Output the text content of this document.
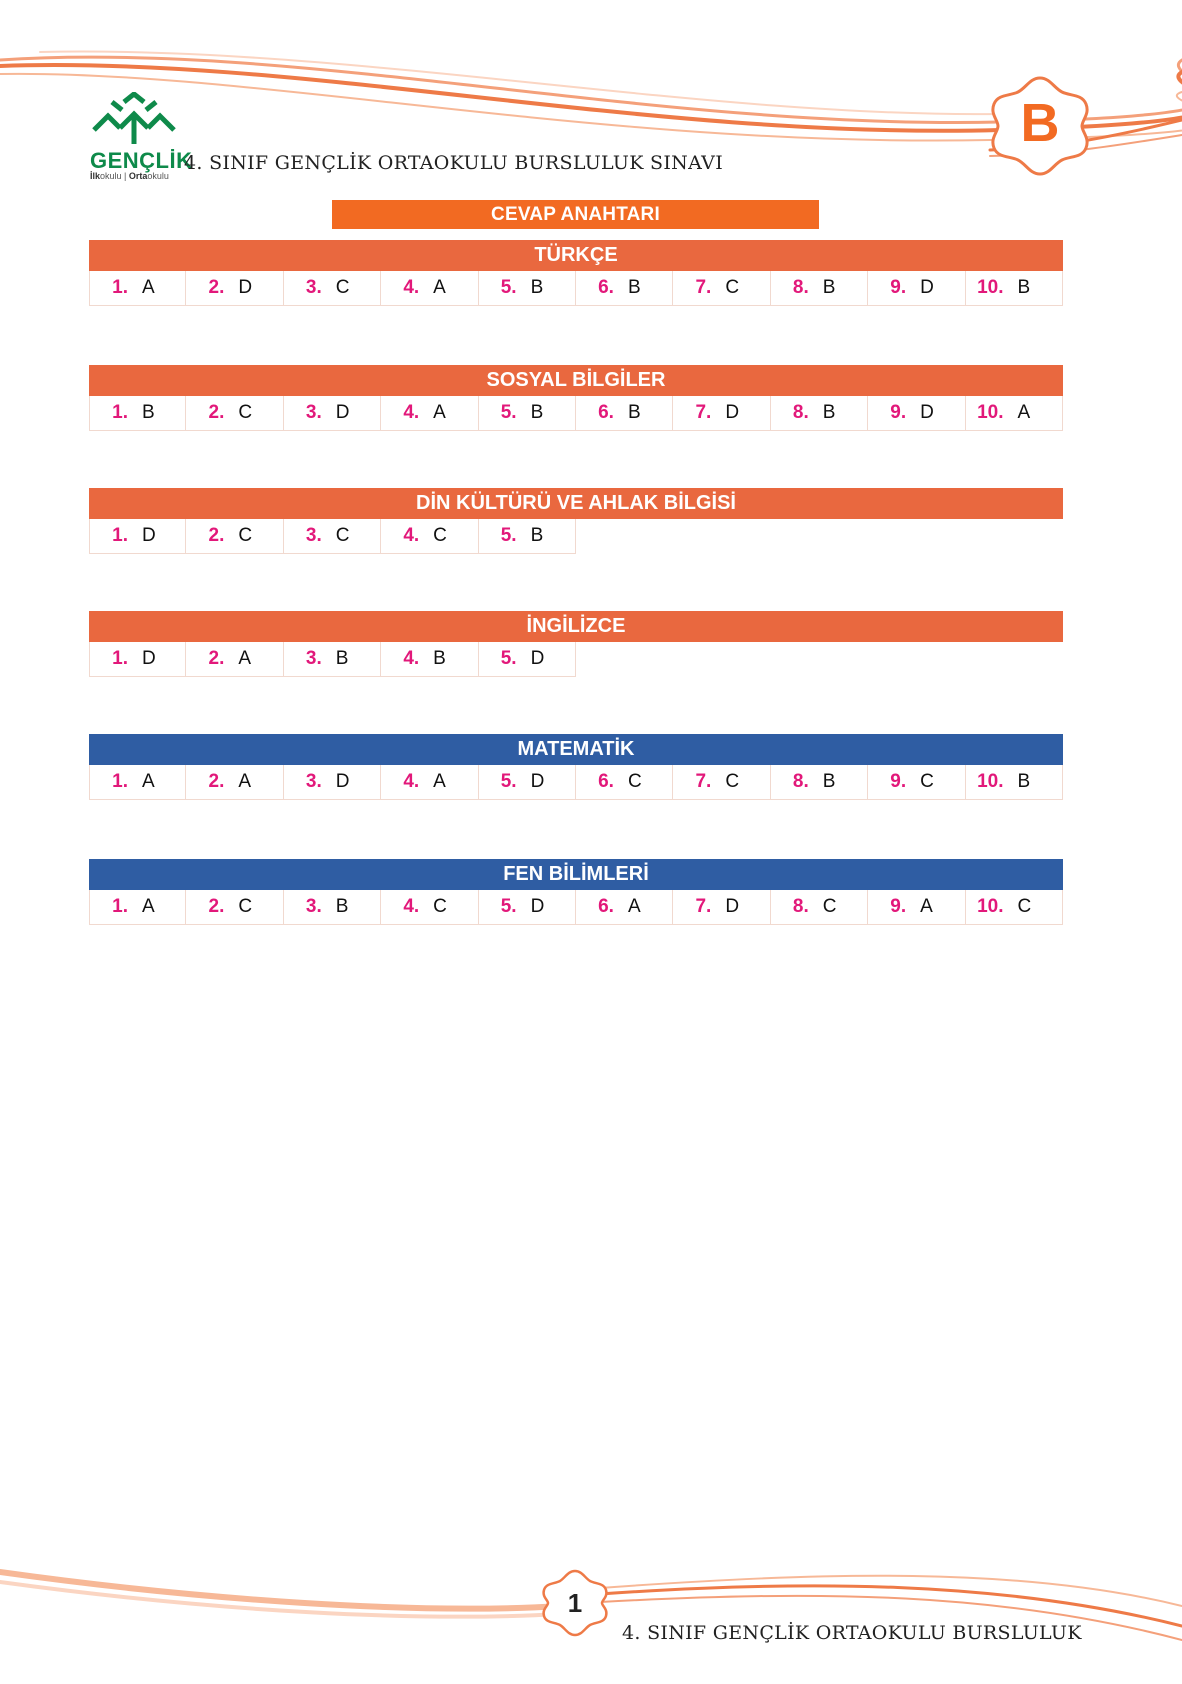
GENÇLİK
İlkokulu | Ortaokulu
4. SINIF GENÇLİK ORTAOKULU BURSLULUK SINAVI
B
CEVAP ANAHTARI
TÜRKÇE
1. A	2. D	3. C	4. A	5. B	6. B	7. C	8. B	9. D	10. B
SOSYAL BİLGİLER
1. B	2. C	3. D	4. A	5. B	6. B	7. D	8. B	9. D	10. A
DİN KÜLTÜRÜ VE AHLAK BİLGİSİ
1. D	2. C	3. C	4. C	5. B
İNGİLİZCE
1. D	2. A	3. B	4. B	5. D
MATEMATİK
1. A	2. A	3. D	4. A	5. D	6. C	7. C	8. B	9. C	10. B
FEN BİLİMLERİ
1. A	2. C	3. B	4. C	5. D	6. A	7. D	8. C	9. A	10. C
1
4. SINIF GENÇLİK ORTAOKULU BURSLULUK
